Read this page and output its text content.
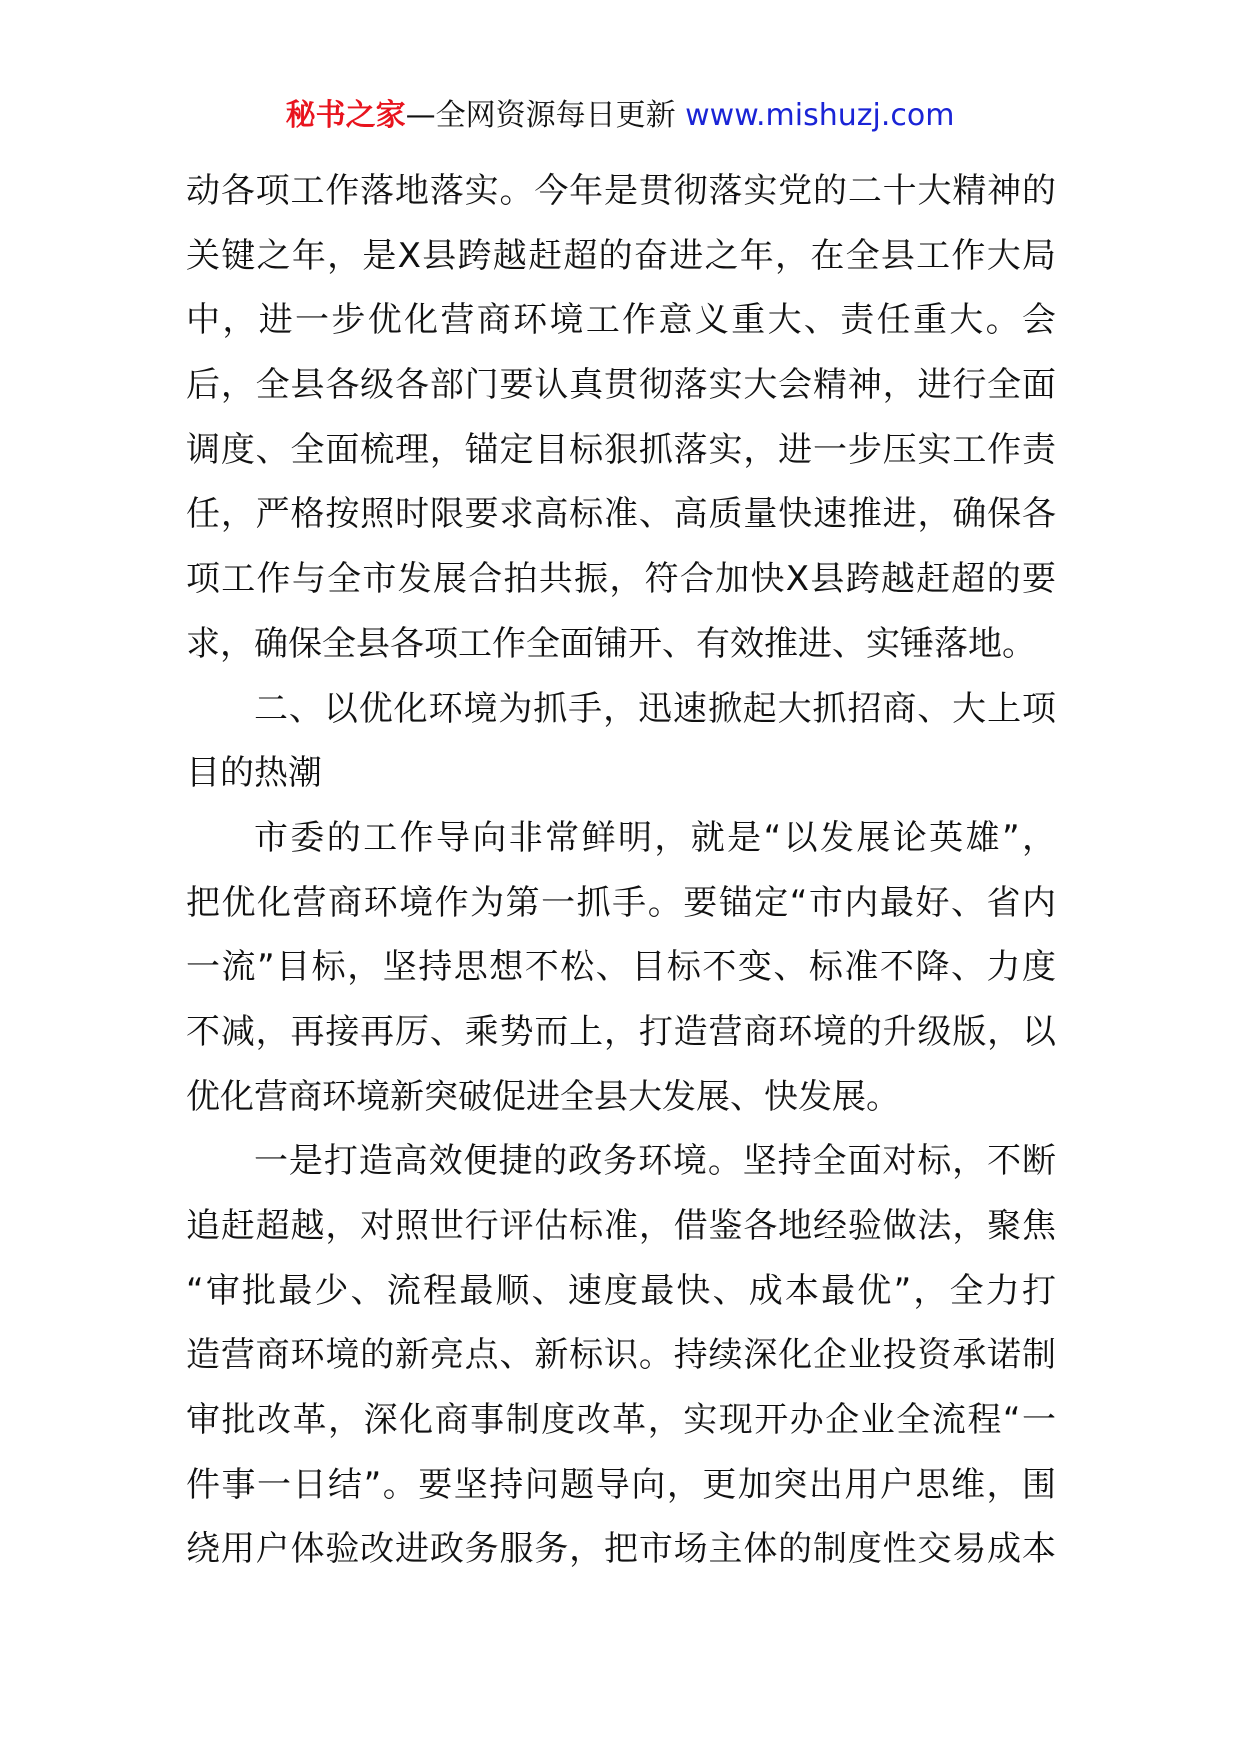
秘书之家—全网资源每日更新 www.mishuzj.com
动各项工作落地落实。今年是贯彻落实党的二十大精神的
关键之年，是X县跨越赶超的奋进之年，在全县工作大局
中，进一步优化营商环境工作意义重大、责任重大。会
后，全县各级各部门要认真贯彻落实大会精神，进行全面
调度、全面梳理，锚定目标狠抓落实，进一步压实工作责
任，严格按照时限要求高标准、高质量快速推进，确保各
项工作与全市发展合拍共振，符合加快X县跨越赶超的要
求，确保全县各项工作全面铺开、有效推进、实锤落地。
二、以优化环境为抓手，迅速掀起大抓招商、大上项
目的热潮
市委的工作导向非常鲜明，就是“以发展论英雄”，
把优化营商环境作为第一抓手。要锚定“市内最好、省内
一流”目标，坚持思想不松、目标不变、标准不降、力度
不减，再接再厉、乘势而上，打造营商环境的升级版，以
优化营商环境新突破促进全县大发展、快发展。
一是打造高效便捷的政务环境。坚持全面对标，不断
追赶超越，对照世行评估标准，借鉴各地经验做法，聚焦
“审批最少、流程最顺、速度最快、成本最优”，全力打
造营商环境的新亮点、新标识。持续深化企业投资承诺制
审批改革，深化商事制度改革，实现开办企业全流程“一
件事一日结”。要坚持问题导向，更加突出用户思维，围
绕用户体验改进政务服务，把市场主体的制度性交易成本
